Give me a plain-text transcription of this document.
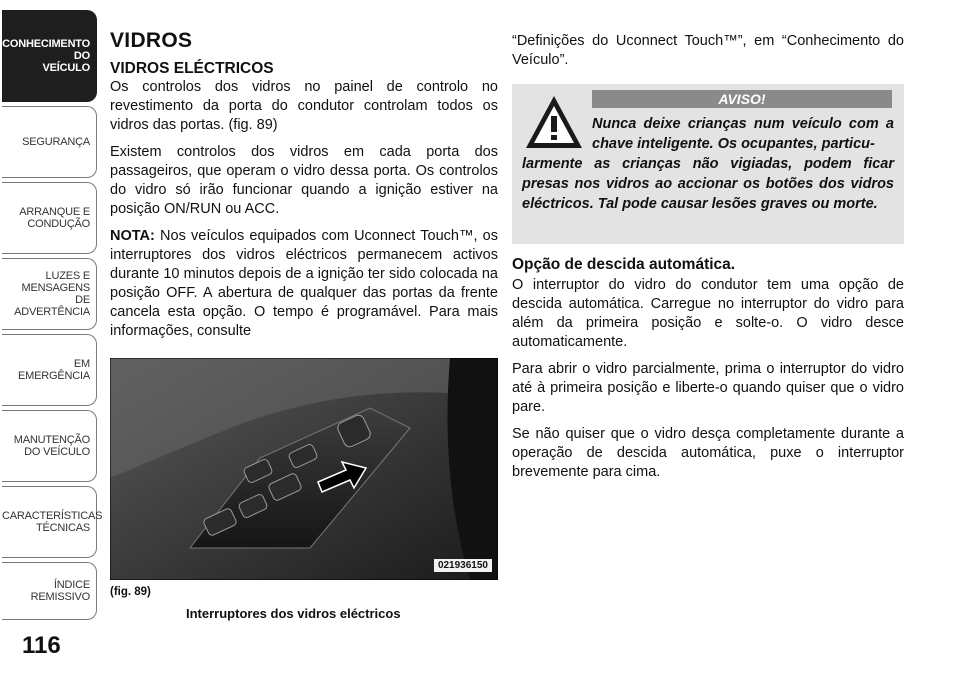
CONHECIMENTO
DO
VEÍCULO
SEGURANÇA
ARRANQUE E
CONDUÇÃO
LUZES E
MENSAGENS
DE
ADVERTÊNCIA
EM
EMERGÊNCIA
MANUTENÇÃO
DO VEÍCULO
CARACTERÍSTICAS
TÉCNICAS
ÍNDICE
REMISSIVO
116
VIDROS
VIDROS ELÉCTRICOS

Os controlos dos vidros no painel de controlo no revestimento da porta do condutor controlam todos os vidros das portas. (fig. 89)

Existem controlos dos vidros em cada porta dos passageiros, que operam o vidro dessa porta. Os controlos do vidro só irão funcionar quando a ignição estiver na posição ON/RUN ou ACC.

NOTA: Nos veículos equipados com Uconnect Touch™, os interruptores dos vidros eléctricos permanecem activos durante 10 minutos depois de a ignição ter sido colocada na posição OFF. A abertura de qualquer das portas da frente cancela esta opção. O tempo é programável. Para mais informações, consulte

021936150
(fig. 89)
Interruptores dos vidros eléctricos

“Definições do Uconnect Touch™”, em “Conhecimento do Veículo”.

AVISO!
Nunca deixe crianças num veículo com a chave inteligente. Os ocupantes, particu-
larmente as crianças não vigiadas, podem ficar presas nos vidros ao accionar os botões dos vidros eléctricos. Tal pode causar lesões graves ou morte.
Opção de descida automática.

O interruptor do vidro do condutor tem uma opção de descida automática. Carregue no interruptor do vidro para além da primeira posição e solte-o. O vidro desce automaticamente.

Para abrir o vidro parcialmente, prima o interruptor do vidro até à primeira posição e liberte-o quando quiser que o vidro pare.

Se não quiser que o vidro desça completamente durante a operação de descida automática, puxe o interruptor brevemente para cima.
